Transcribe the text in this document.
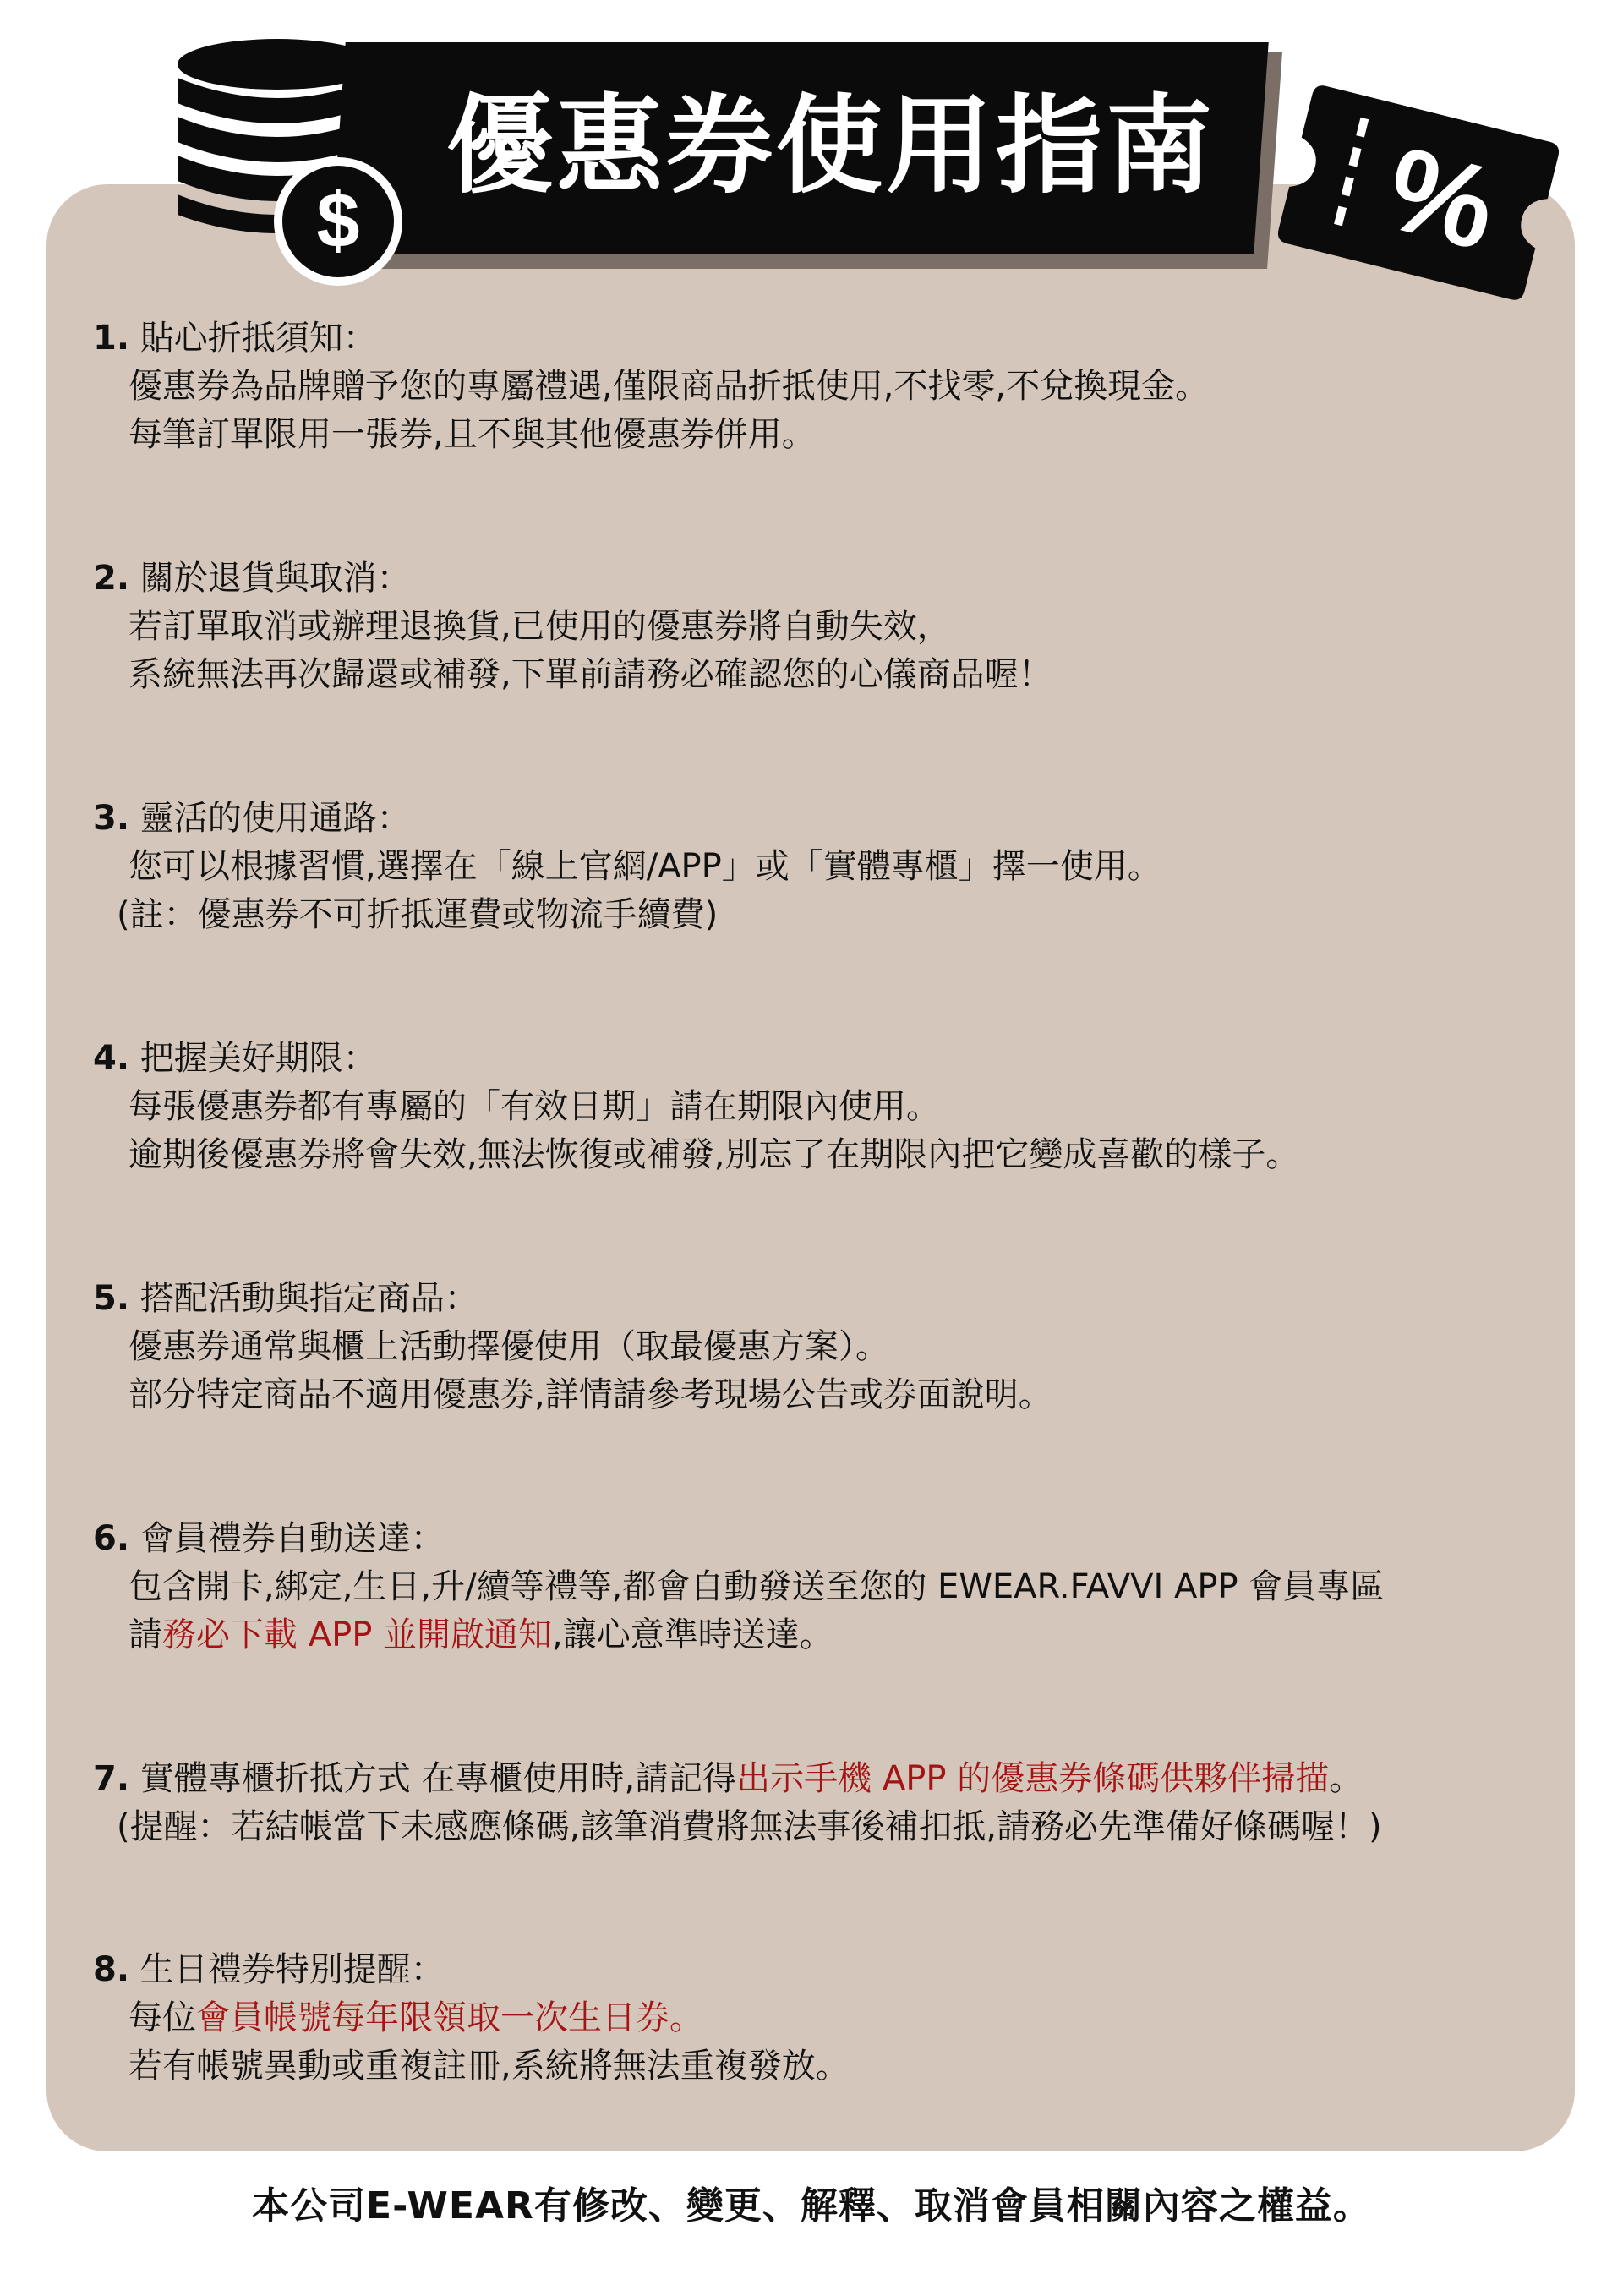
優惠券使用指南
$	%

1. 貼心折抵須知：

優惠券為品牌贈予您的專屬禮遇,僅限商品折抵使用,不找零,不兌換現金。

每筆訂單限用一張券,且不與其他優惠券併用。

2. 關於退貨與取消：

若訂單取消或辦理退換貨,已使用的優惠券將自動失效，

系統無法再次歸還或補發,下單前請務必確認您的心儀商品喔！

3. 靈活的使用通路：

您可以根據習慣,選擇在「線上官網/APP」或「實體專櫃」擇一使用。

(註：優惠券不可折抵運費或物流手續費)

4. 把握美好期限：

每張優惠券都有專屬的「有效日期」請在期限內使用。

逾期後優惠券將會失效,無法恢復或補發,別忘了在期限內把它變成喜歡的樣子。

5. 搭配活動與指定商品：

優惠券通常與櫃上活動擇優使用（取最優惠方案）。

部分特定商品不適用優惠券,詳情請參考現場公告或券面說明。

6. 會員禮券自動送達：

包含開卡,綁定,生日,升/續等禮等,都會自動發送至您的 EWEAR.FAVVI APP 會員專區

請務必下載 APP 並開啟通知,讓心意準時送達。

7. 實體專櫃折抵方式 在專櫃使用時,請記得出示手機 APP 的優惠券條碼供夥伴掃描。

(提醒：若結帳當下未感應條碼,該筆消費將無法事後補扣抵,請務必先準備好條碼喔！)

8. 生日禮券特別提醒：

每位會員帳號每年限領取一次生日券。

若有帳號異動或重複註冊,系統將無法重複發放。

本公司E-WEAR有修改、變更、解釋、取消會員相關內容之權益。
